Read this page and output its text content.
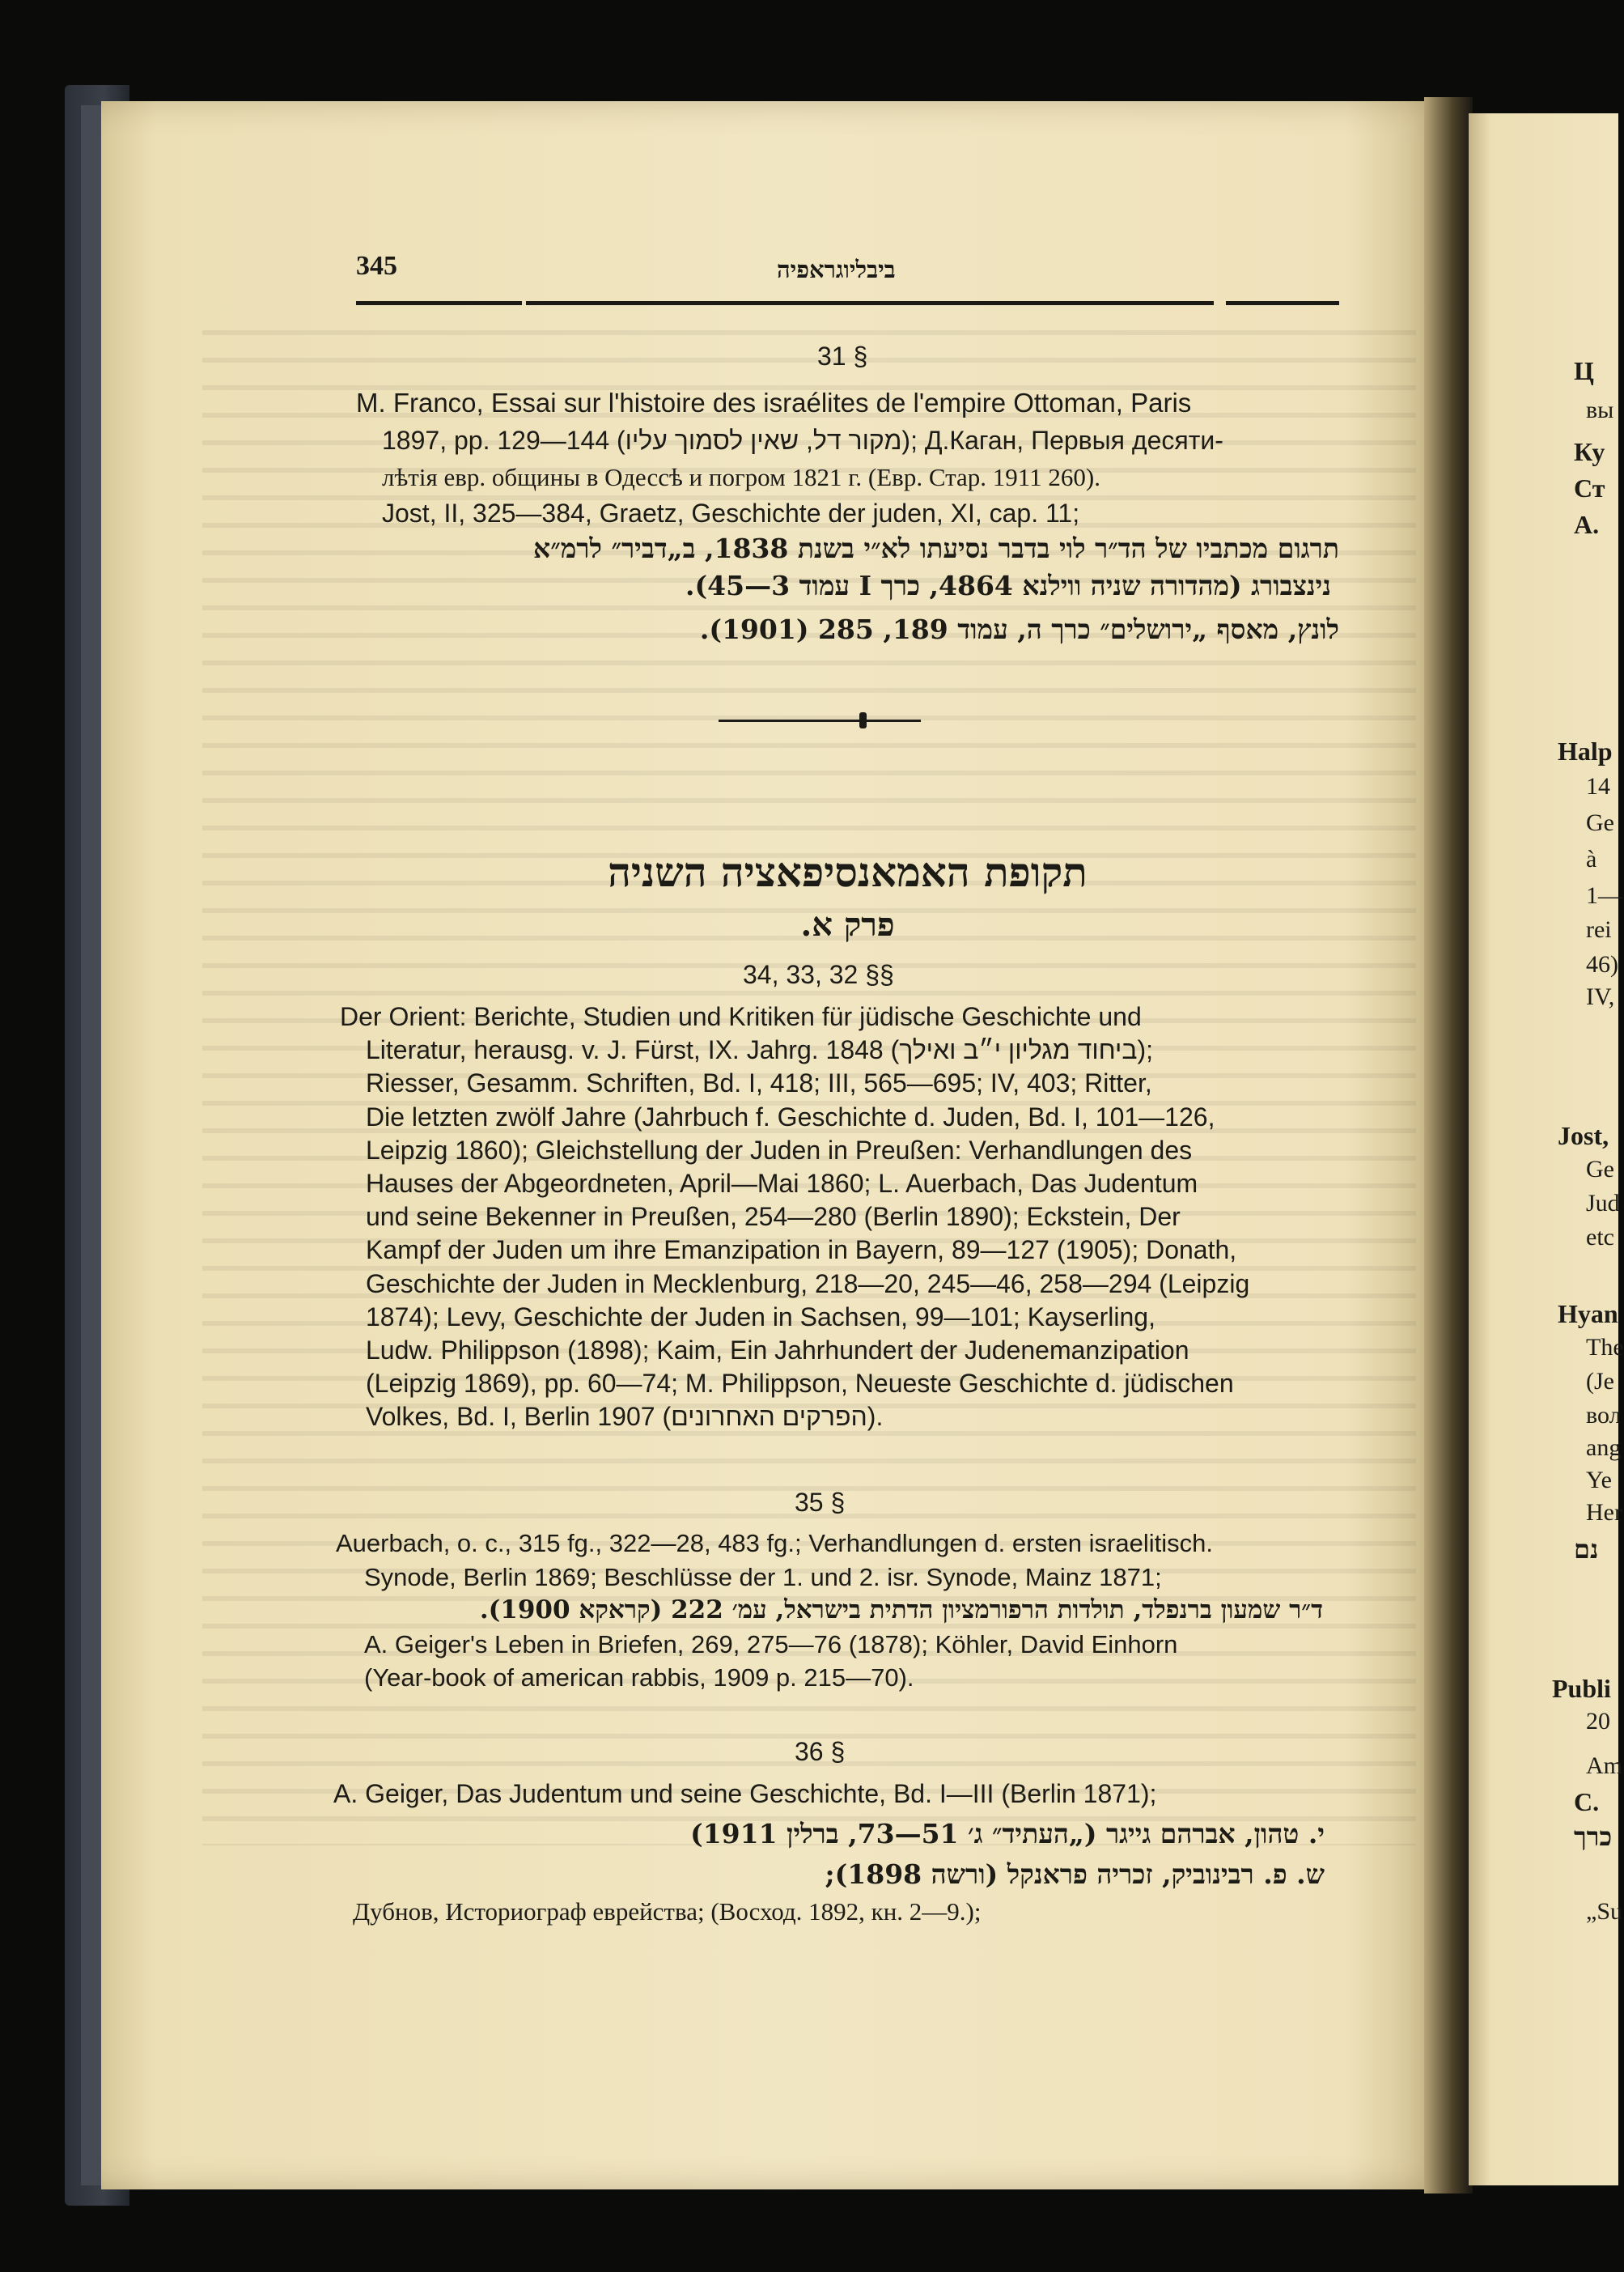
345	ביבליוגראפיה
31 §
M. Franco, Essai sur l'histoire des israélites de l'empire Ottoman, Paris
1897, pp. 129—144 (מקור דל, שאין לסמוך עליו); Д.Каган, Первыя десяти-
лѣтія евр. общины в Одессѣ и погром 1821 г. (Евр. Стар. 1911 260).
Jost, II, 325—384, Graetz, Geschichte der juden, XI, cap. 11;
תרגום מכתביו של הד״ר לוי בדבר נסיעתו לא״י בשנת 1838, ב„דביר״ לרמ״א
נינצבורג (מהדורה שניה ווילנא 4864, כרך I עמוד 3—45).
לונץ, מאסף „ירושלים״ כרך ה, עמוד 189, 285 (1901).
תקופת האמאנסיפאציה השניה
פרק א.
34, 33, 32 §§

Der Orient: Berichte, Studien und Kritiken für jüdische Geschichte und

Literatur, herausg. v. J. Fürst, IX. Jahrg. 1848 (ביחוד מגליון י״ב ואילך);

Riesser, Gesamm. Schriften, Bd. I, 418; III, 565—695; IV, 403; Ritter,

Die letzten zwölf Jahre (Jahrbuch f. Geschichte d. Juden, Bd. I, 101—126,

Leipzig 1860); Gleichstellung der Juden in Preußen: Verhandlungen des

Hauses der Abgeordneten, April—Mai 1860; L. Auerbach, Das Judentum

und seine Bekenner in Preußen, 254—280 (Berlin 1890); Eckstein, Der

Kampf der Juden um ihre Emanzipation in Bayern, 89—127 (1905); Donath,

Geschichte der Juden in Mecklenburg, 218—20, 245—46, 258—294 (Leipzig

1874); Levy, Geschichte der Juden in Sachsen, 99—101; Kayserling,

Ludw. Philippson (1898); Kaim, Ein Jahrhundert der Judenemanzipation

(Leipzig 1869), pp. 60—74; M. Philippson, Neueste Geschichte d. jüdischen

Volkes, Bd. I, Berlin 1907 (הפרקים האחרונים).

35 §

Auerbach, o. c., 315 fg., 322—28, 483 fg.; Verhandlungen d. ersten israelitisch.

Synode, Berlin 1869; Beschlüsse der 1. und 2. isr. Synode, Mainz 1871;

ד״ר שמעון ברנפלד, תולדות הרפורמציון הדתית בישראל, עמ׳ 222 (קראקא 1900).

A. Geiger's Leben in Briefen, 269, 275—76 (1878); Köhler, David Einhorn

(Year-book of american rabbis, 1909 p. 215—70).

36 §
A. Geiger, Das Judentum und seine Geschichte, Bd. I—III (Berlin 1871);
י. טהון, אברהם גייגר („העתיד״ ג׳ 51—73, ברלין 1911)
ש. פ. רבינוביק, זכריה פראנקל (ורשה 1898);
Дубнов, Историограф еврейства; (Восход. 1892, кн. 2—9.);
Ц
вы
Ку
Ст
А.
Halp
14
Ge
à
1—
rei
46)
IV,
Jost,
Ge
Jud
etc
Hyan
The
(Je
вол
ang
Ye
Her
נם
Publi
20
Am
C.
כרך
„Su
